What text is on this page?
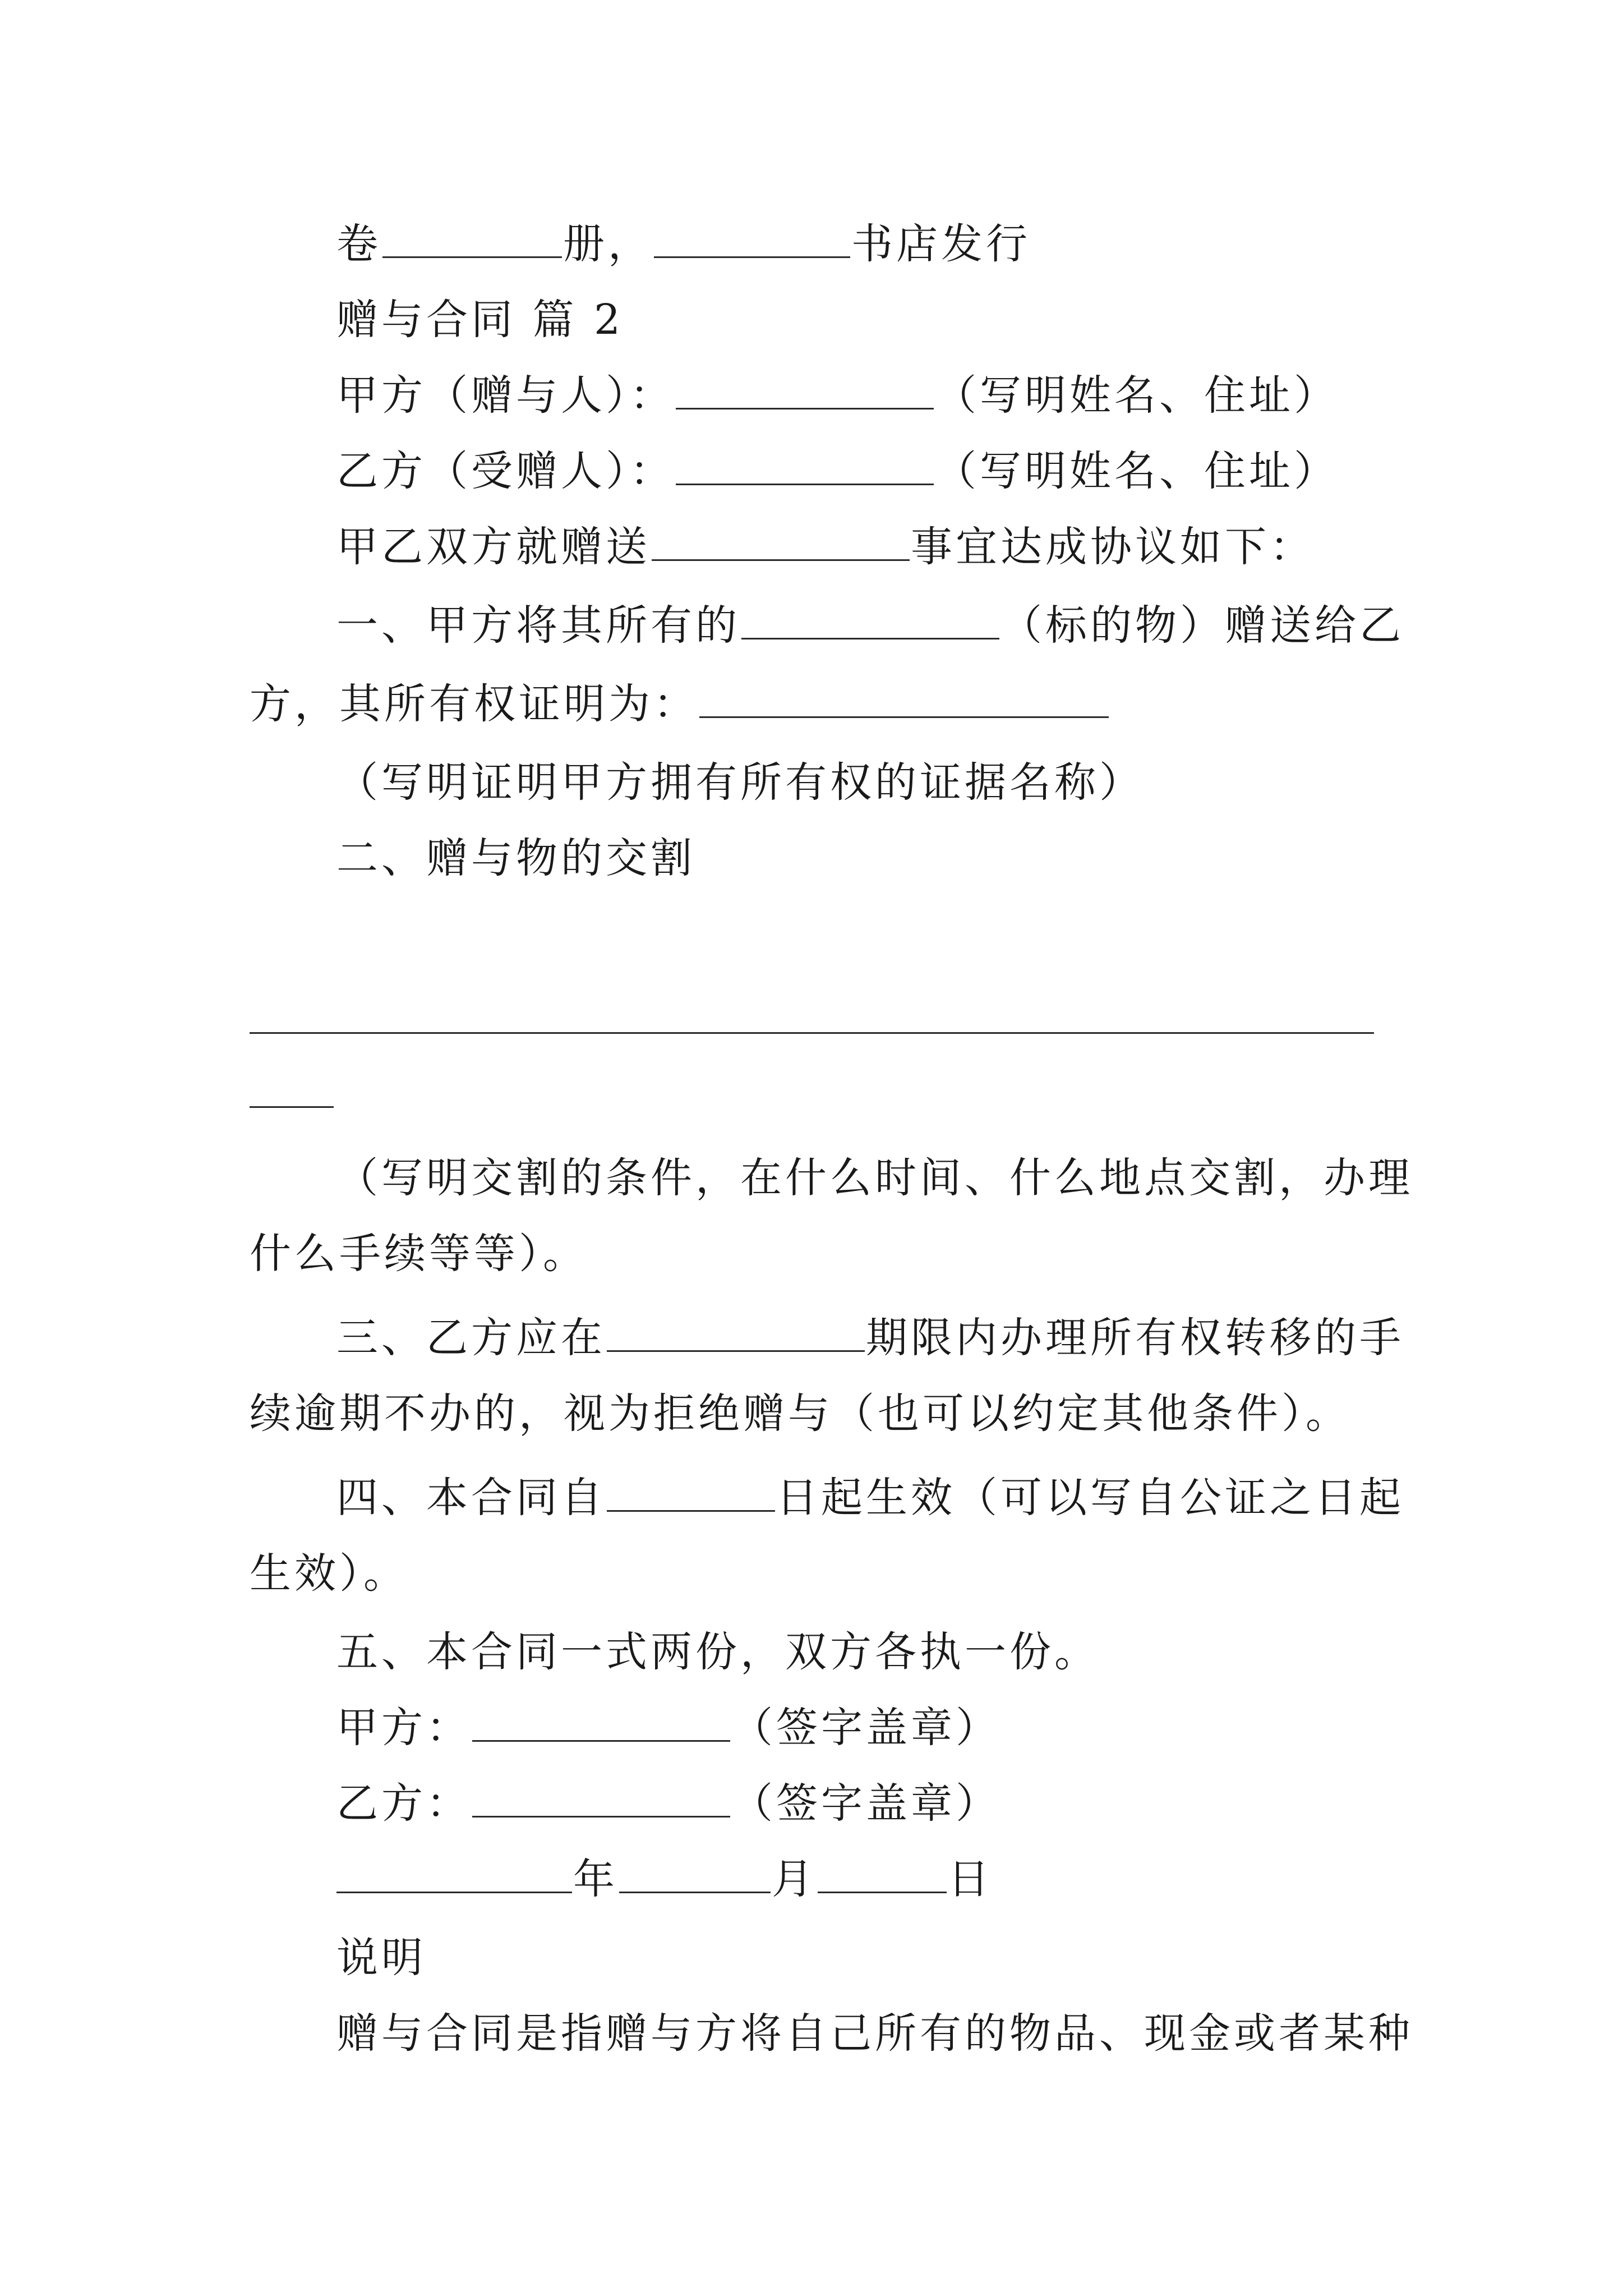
卷	册，	书店发行
赠与合同 篇 2
甲方（赠与人）：	（写明姓名、住址）
乙方（受赠人）：	（写明姓名、住址）
甲乙双方就赠送	事宜达成协议如下：
一、甲方将其所有的	（标的物）赠送给乙
方，其所有权证明为：
（写明证明甲方拥有所有权的证据名称）
二、赠与物的交割
（写明交割的条件，在什么时间、什么地点交割，办理
什么手续等等）。
三、乙方应在	期限内办理所有权转移的手
续逾期不办的，视为拒绝赠与（也可以约定其他条件）。
四、本合同自	日起生效（可以写自公证之日起
生效）。
五、本合同一式两份，双方各执一份。
甲方：	（签字盖章）
乙方：	（签字盖章）
年	月	日
说明
赠与合同是指赠与方将自己所有的物品、现金或者某种
